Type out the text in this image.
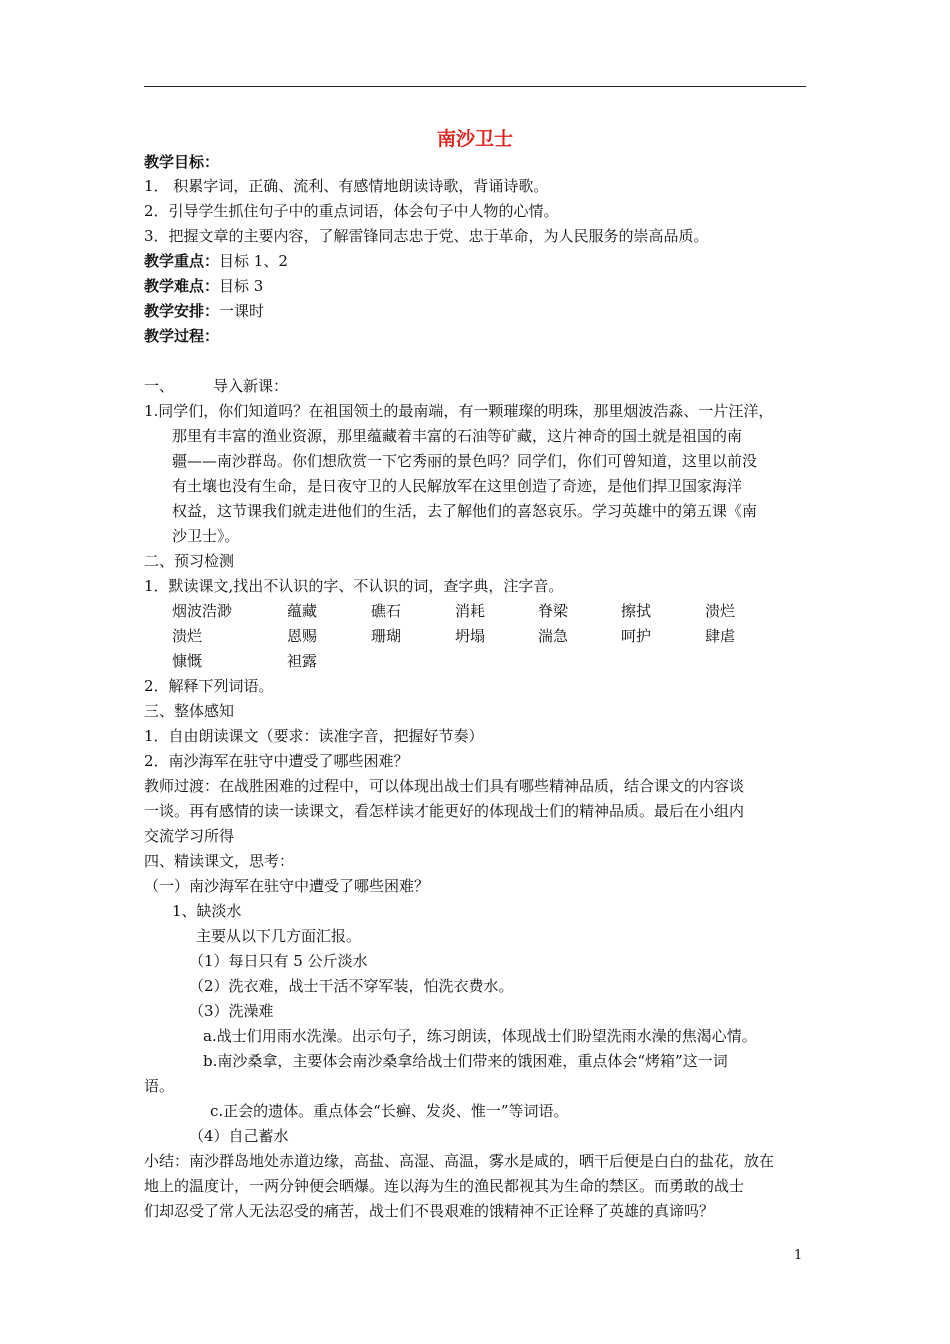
南沙卫士
教学目标：
1． 积累字词，正确、流利、有感情地朗读诗歌，背诵诗歌。
2．引导学生抓住句子中的重点词语，体会句子中人物的心情。
3．把握文章的主要内容，了解雷锋同志忠于党、忠于革命，为人民服务的崇高品质。
教学重点：目标 1、2
教学难点：目标 3
教学安排：一课时
教学过程：
一、	导入新课：
1.同学们，你们知道吗？在祖国领土的最南端，有一颗璀璨的明珠，那里烟波浩淼、一片汪洋，
那里有丰富的渔业资源，那里蕴藏着丰富的石油等矿藏，这片神奇的国土就是祖国的南
疆——南沙群岛。你们想欣赏一下它秀丽的景色吗？同学们，你们可曾知道，这里以前没
有土壤也没有生命，是日夜守卫的人民解放军在这里创造了奇迹，是他们捍卫国家海洋
权益，这节课我们就走进他们的生活，去了解他们的喜怒哀乐。学习英雄中的第五课《南
沙卫士》。
二、预习检测
1．默读课文,找出不认识的字、不认识的词，查字典，注字音。
烟波浩渺	蕴藏	礁石	消耗	脊梁	擦拭	溃烂
溃烂	恩赐	珊瑚	坍塌	湍急	呵护	肆虐
慷慨	袒露
2．解释下列词语。
三、整体感知
1．自由朗读课文（要求：读准字音，把握好节奏）
2．南沙海军在驻守中遭受了哪些困难？
教师过渡：在战胜困难的过程中，可以体现出战士们具有哪些精神品质，结合课文的内容谈
一谈。再有感情的读一读课文，看怎样读才能更好的体现战士们的精神品质。最后在小组内
交流学习所得
四、精读课文，思考：
（一）南沙海军在驻守中遭受了哪些困难？
1、缺淡水
主要从以下几方面汇报。
（1）每日只有 5 公斤淡水
（2）洗衣难，战士干活不穿军装，怕洗衣费水。
（3）洗澡难
a.战士们用雨水洗澡。出示句子，练习朗读，体现战士们盼望洗雨水澡的焦渴心情。
b.南沙桑拿，主要体会南沙桑拿给战士们带来的饿困难，重点体会“烤箱”这一词
语。
c.正会的遗体。重点体会“长癣、发炎、惟一”等词语。
（4）自己蓄水
小结：南沙群岛地处赤道边缘，高盐、高湿、高温，雾水是咸的，晒干后便是白白的盐花，放在
地上的温度计，一两分钟便会晒爆。连以海为生的渔民都视其为生命的禁区。而勇敢的战士
们却忍受了常人无法忍受的痛苦，战士们不畏艰难的饿精神不正诠释了英雄的真谛吗？
1
